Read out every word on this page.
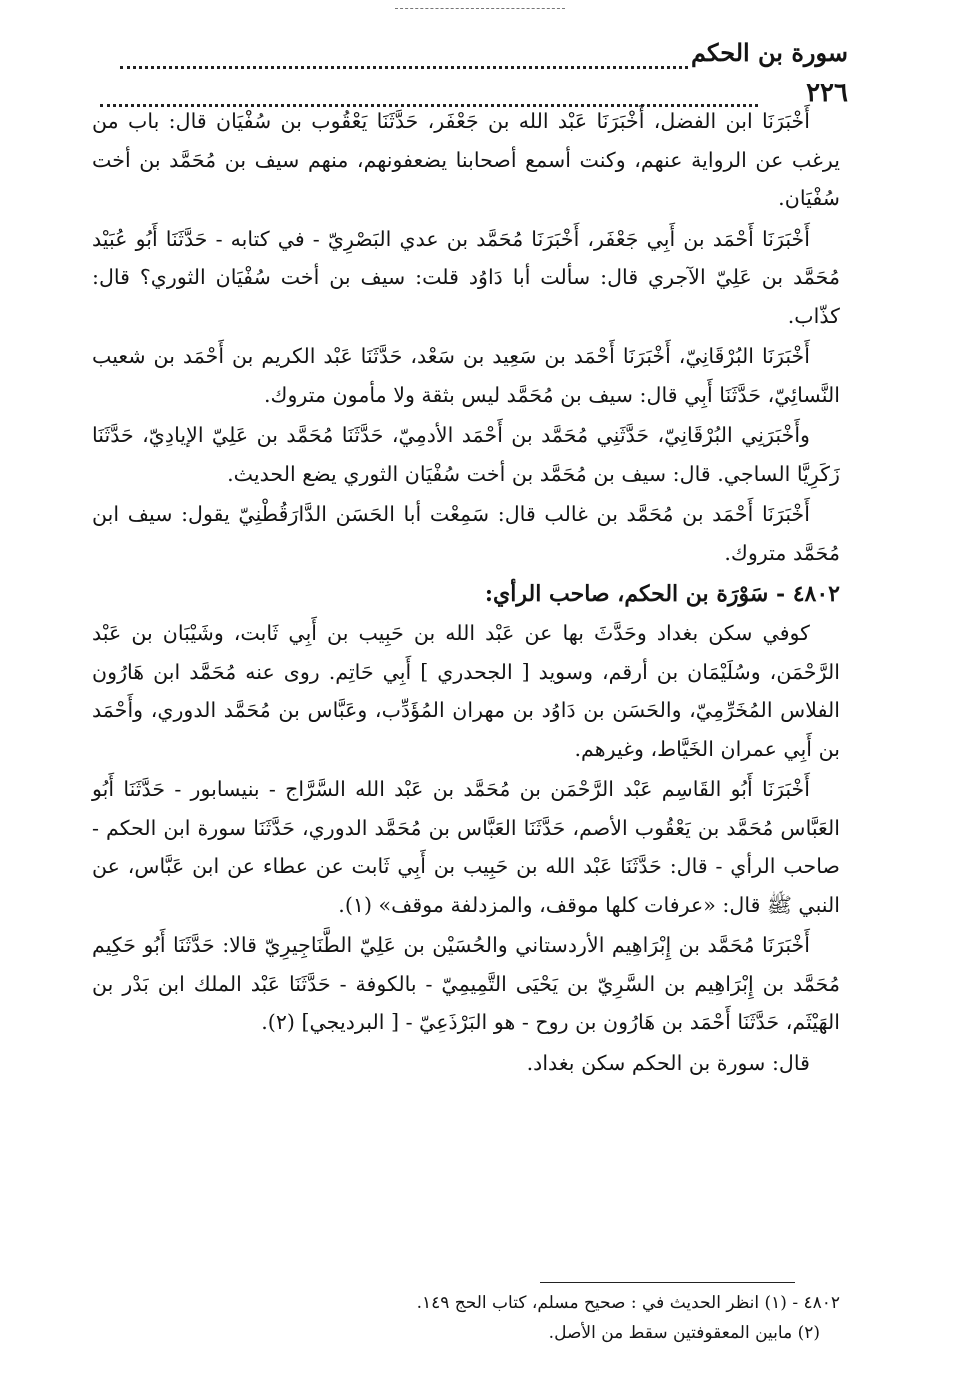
سورة بن الحكم
٢٢٦

أَخْبَرَنَا ابن الفضل، أَخْبَرَنَا عَبْد الله بن جَعْفَر، حَدَّثَنَا يَعْقُوب بن سُفْيَان قال: باب من يرغب عن الرواية عنهم، وكنت أسمع أصحابنا يضعفونهم، منهم سيف بن مُحَمَّد بن أخت سُفْيَان.

أَخْبَرَنَا أَحْمَد بن أَبِي جَعْفَر، أَخْبَرَنَا مُحَمَّد بن عدي البَصْرِيّ - في كتابه - حَدَّثَنَا أَبُو عُبَيْد مُحَمَّد بن عَلِيّ الآجري قال: سألت أبا دَاوُد قلت: سيف بن أخت سُفْيَان الثوري؟ قال: كذّاب.

أَخْبَرَنَا البُرْقَانِيّ، أَخْبَرَنَا أَحْمَد بن سَعِيد بن سَعْد، حَدَّثَنَا عَبْد الكريم بن أَحْمَد بن شعيب النَّسائِيّ، حَدَّثَنَا أَبِي قال: سيف بن مُحَمَّد ليس بثقة ولا مأمون متروك.

وأَخْبَرَنِي البُرْقَانِيّ، حَدَّثَنِي مُحَمَّد بن أَحْمَد الأدمِيّ، حَدَّثَنَا مُحَمَّد بن عَلِيّ الإيادِيّ، حَدَّثَنَا زَكَرِيَّا الساجي. قال: سيف بن مُحَمَّد بن أخت سُفْيَان الثوري يضع الحديث.

أَخْبَرَنَا أَحْمَد بن مُحَمَّد بن غالب قال: سَمِعْت أبا الحَسَن الدَّارَقُطْنِيّ يقول: سيف ابن مُحَمَّد متروك.

٤٨٠٢ - سَوْرَة بن الحكم، صاحب الرأي:

كوفي سكن بغداد وحَدَّثَ بها عن عَبْد الله بن حَبِيب بن أَبِي ثَابت، وشَيْبَان بن عَبْد الرَّحْمَن، وسُلَيْمَان بن أرقم، وسويد [ الجحدري ] أَبِي حَاتِم. روى عنه مُحَمَّد ابن هَارُون الفلاس المُخَرِّمِيّ، والحَسَن بن دَاوُد بن مهران المُؤَدِّب، وعَبَّاس بن مُحَمَّد الدوري، وأَحْمَد بن أَبِي عمران الخَيَّاط، وغيرهم.

أَخْبَرَنَا أَبُو القَاسِم عَبْد الرَّحْمَن بن مُحَمَّد بن عَبْد الله السَّرَّاج - بنيسابور - حَدَّثَنَا أَبُو العَبَّاس مُحَمَّد بن يَعْقُوب الأصم، حَدَّثَنَا العَبَّاس بن مُحَمَّد الدوري، حَدَّثَنَا سورة ابن الحكم - صاحب الرأي - قال: حَدَّثَنَا عَبْد الله بن حَبِيب بن أَبِي ثَابت عن عطاء عن ابن عَبَّاس، عن النبي ﷺ قال: «عرفات كلها موقف، والمزدلفة موقف» (١).

أَخْبَرَنَا مُحَمَّد بن إِبْرَاهِيم الأردستاني والحُسَيْن بن عَلِيّ الطَّنَاجِيرِيّ قالا: حَدَّثَنَا أَبُو حَكِيم مُحَمَّد بن إِبْرَاهِيم بن السَّرِيّ بن يَحْيَى التَّمِيمِيّ - بالكوفة - حَدَّثَنَا عَبْد الملك ابن بَدْر بن الهَيْثَم، حَدَّثَنَا أَحْمَد بن هَارُون بن روح - هو البَرْذَعِيّ - [ البرديجي] (٢).

قال: سورة بن الحكم سكن بغداد.

٤٨٠٢ - (١) انظر الحديث في : صحيح مسلم، كتاب الحج ١٤٩.

(٢) مابين المعقوفتين سقط من الأصل.
